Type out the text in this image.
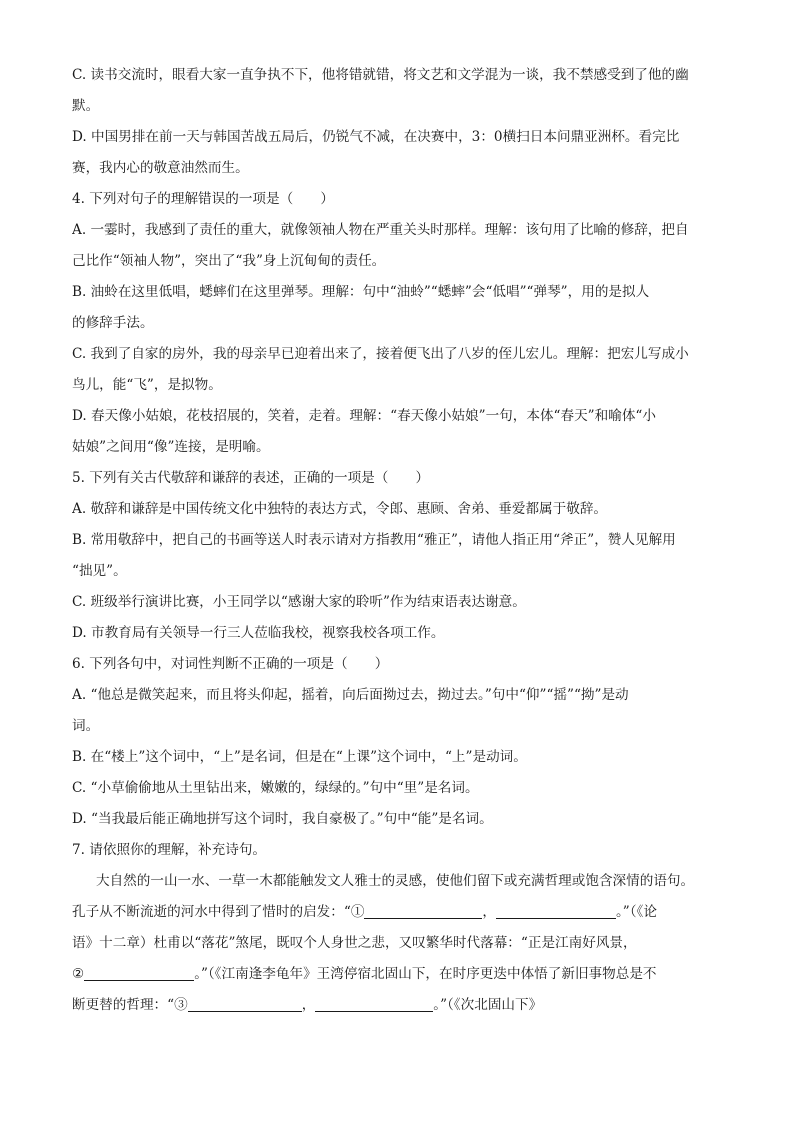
C. 读书交流时，眼看大家一直争执不下，他将错就错，将文艺和文学混为一谈，我不禁感受到了他的幽
默。
D. 中国男排在前一天与韩国苦战五局后，仍锐气不减，在决赛中，3：0横扫日本问鼎亚洲杯。看完比
赛，我内心的敬意油然而生。
4. 下列对句子的理解错误的一项是（　　）
A. 一霎时，我感到了责任的重大，就像领袖人物在严重关头时那样。理解：该句用了比喻的修辞，把自
己比作“领袖人物”，突出了“我”身上沉甸甸的责任。
B. 油蛉在这里低唱，蟋蟀们在这里弹琴。理解：句中“油蛉”“蟋蟀”会“低唱”“弹琴”，用的是拟人
的修辞手法。
C. 我到了自家的房外，我的母亲早已迎着出来了，接着便飞出了八岁的侄儿宏儿。理解：把宏儿写成小
鸟儿，能“飞”，是拟物。
D. 春天像小姑娘，花枝招展的，笑着，走着。理解：“春天像小姑娘”一句，本体“春天”和喻体“小
姑娘”之间用“像”连接，是明喻。
5. 下列有关古代敬辞和谦辞的表述，正确的一项是（　　）
A. 敬辞和谦辞是中国传统文化中独特的表达方式，令郎、惠顾、舍弟、垂爱都属于敬辞。
B. 常用敬辞中，把自己的书画等送人时表示请对方指教用“雅正”，请他人指正用“斧正”，赞人见解用
“拙见”。
C. 班级举行演讲比赛，小王同学以“感谢大家的聆听”作为结束语表达谢意。
D. 市教育局有关领导一行三人莅临我校，视察我校各项工作。
6. 下列各句中，对词性判断不正确的一项是（　　）
A. “他总是微笑起来，而且将头仰起，摇着，向后面拗过去，拗过去。”句中“仰”“摇”“拗”是动
词。
B. 在“楼上”这个词中，“上”是名词，但是在“上课”这个词中，“上”是动词。
C. “小草偷偷地从土里钻出来，嫩嫩的，绿绿的。”句中“里”是名词。
D. “当我最后能正确地拼写这个词时，我自豪极了。”句中“能”是名词。
7. 请依照你的理解，补充诗句。
大自然的一山一水、一草一木都能触发文人雅士的灵感，使他们留下或充满哲理或饱含深情的语句。
孔子从不断流逝的河水中得到了惜时的启发：“①	，	。”（《论
语》十二章）杜甫以“落花”煞尾，既叹个人身世之悲，又叹繁华时代落幕：“正是江南好风景，
②	。”（《江南逢李龟年》王湾停宿北固山下，在时序更迭中体悟了新旧事物总是不
断更替的哲理：“③	，	。”（《次北固山下》
